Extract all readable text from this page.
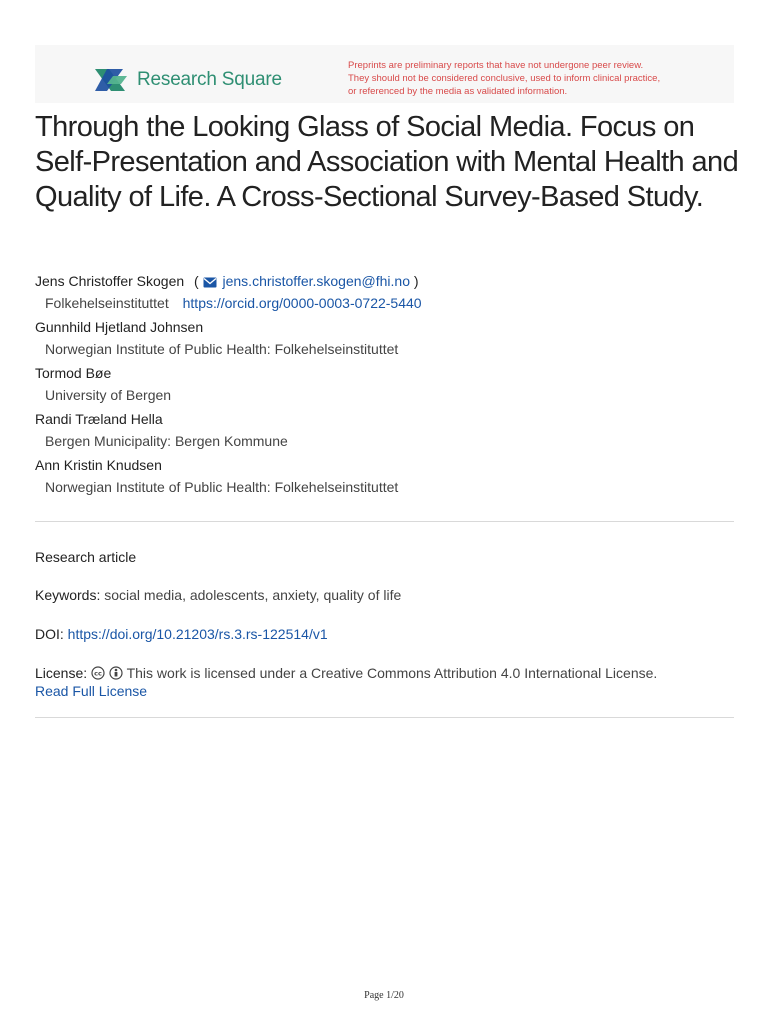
Research Square
Preprints are preliminary reports that have not undergone peer review.
They should not be considered conclusive, used to inform clinical practice,
or referenced by the media as validated information.
Through the Looking Glass of Social Media. Focus on Self-Presentation and Association with Mental Health and Quality of Life. A Cross-Sectional Survey-Based Study.
Jens Christoffer Skogen ( jens.christoffer.skogen@fhi.no )
Folkehelseinstituttet https://orcid.org/0000-0003-0722-5440
Gunnhild Hjetland Johnsen
Norwegian Institute of Public Health: Folkehelseinstituttet
Tormod Bøe
University of Bergen
Randi Træland Hella
Bergen Municipality: Bergen Kommune
Ann Kristin Knudsen
Norwegian Institute of Public Health: Folkehelseinstituttet
Research article
Keywords: social media, adolescents, anxiety, quality of life
DOI: https://doi.org/10.21203/rs.3.rs-122514/v1
License: cc This work is licensed under a Creative Commons Attribution 4.0 International License.
Read Full License
Page 1/20
